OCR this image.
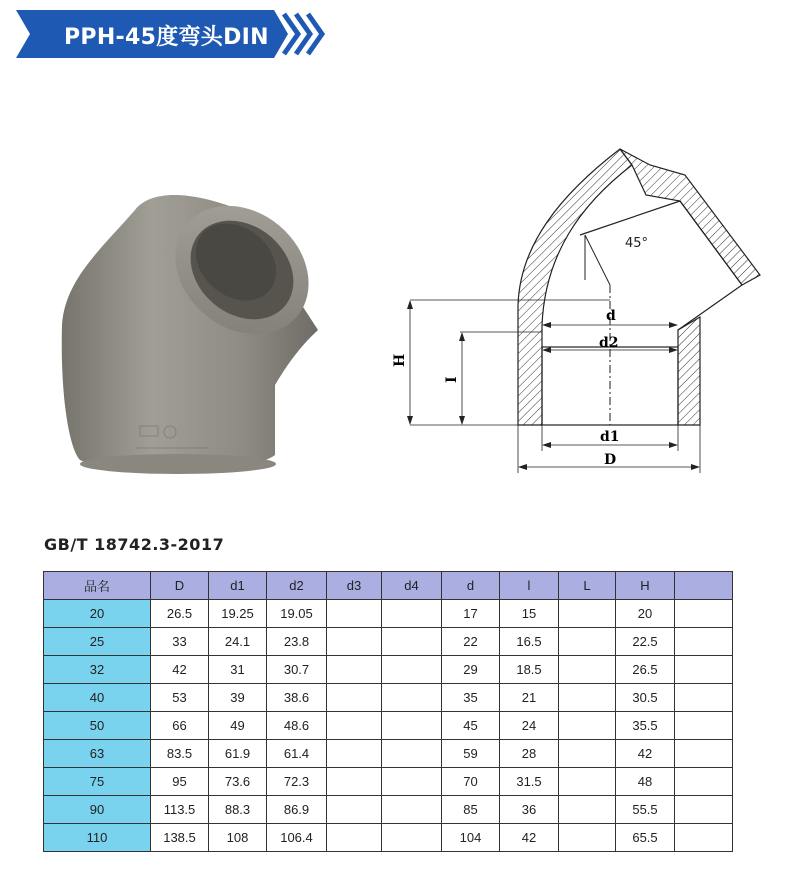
PPH-45度弯头DIN
45°
H
I
d
d2
d1
D
GB/T 18742.3-2017
品名	D	d1	d2	d3	d4	d	l	L	H	
20	26.5	19.25	19.05			17	15		20	
25	33	24.1	23.8			22	16.5		22.5	
32	42	31	30.7			29	18.5		26.5	
40	53	39	38.6			35	21		30.5	
50	66	49	48.6			45	24		35.5	
63	83.5	61.9	61.4			59	28		42	
75	95	73.6	72.3			70	31.5		48	
90	113.5	88.3	86.9			85	36		55.5	
110	138.5	108	106.4			104	42		65.5	
